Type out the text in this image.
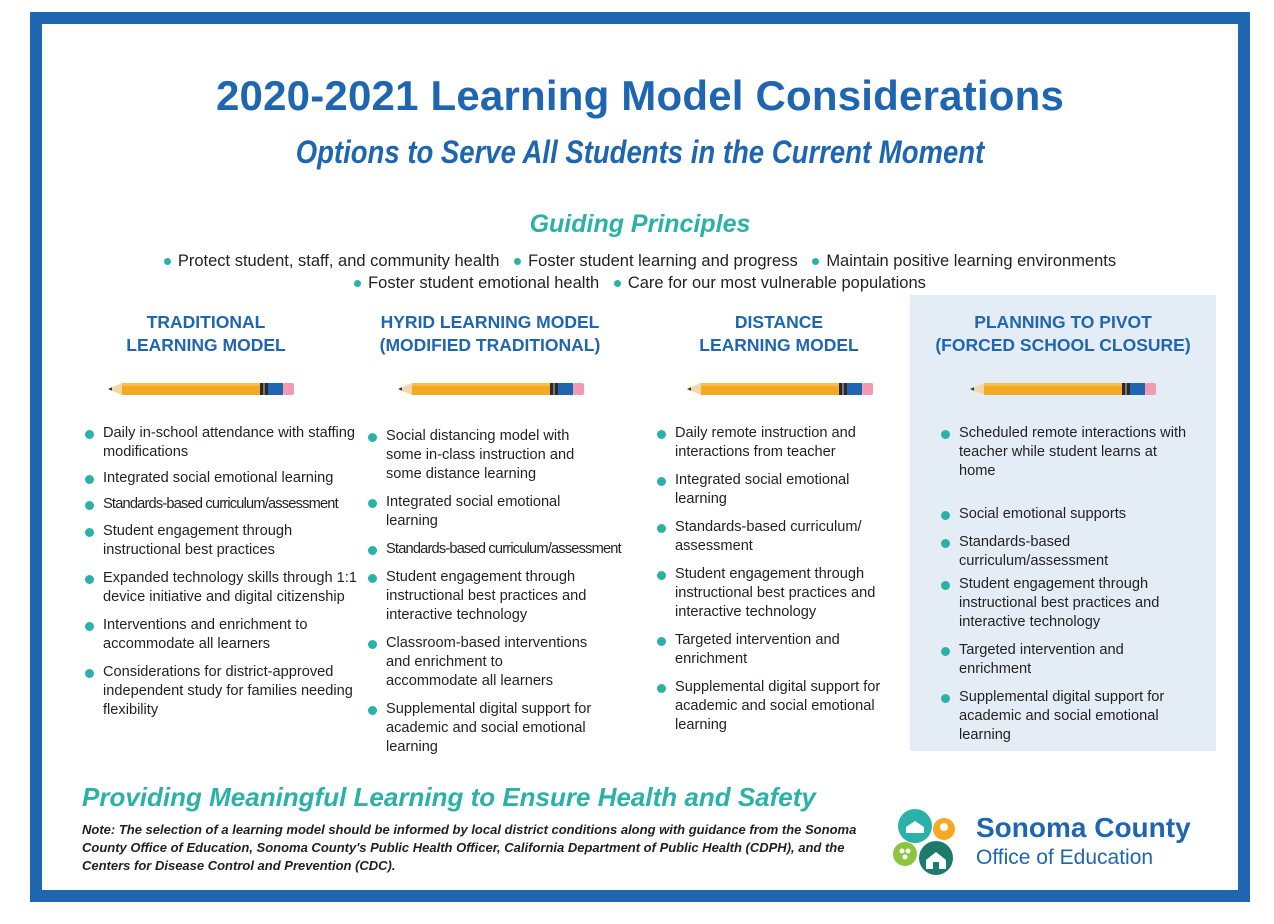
2020-2021 Learning Model Considerations
Options to Serve All Students in the Current Moment
Guiding Principles
Protect student, staff, and community health Foster student learning and progress Maintain positive learning environments
Foster student emotional health Care for our most vulnerable populations
TRADITIONAL
LEARNING MODEL
Daily in-school attendance with staffing modifications
Integrated social emotional learning
Standards-based curriculum/assessment
Student engagement through instructional best practices
Expanded technology skills through 1:1 device initiative and digital citizenship
Interventions and enrichment to accommodate all learners
Considerations for district-approved independent study for families needing flexibility
HYRID LEARNING MODEL
(MODIFIED TRADITIONAL)
Social distancing model with some in-class instruction and some distance learning
Integrated social emotional learning
Standards-based curriculum/assessment
Student engagement through instructional best practices and interactive technology
Classroom-based interventions and enrichment to accommodate all learners
Supplemental digital support for academic and social emotional learning
DISTANCE
LEARNING MODEL
Daily remote instruction and interactions from teacher
Integrated social emotional learning
Standards-based curriculum/ assessment
Student engagement through instructional best practices and interactive technology
Targeted intervention and enrichment
Supplemental digital support for academic and social emotional learning
PLANNING TO PIVOT
(FORCED SCHOOL CLOSURE)
Scheduled remote interactions with teacher while student learns at home
Social emotional supports
Standards-based curriculum/assessment
Student engagement through instructional best practices and interactive technology
Targeted intervention and enrichment
Supplemental digital support for academic and social emotional learning
Providing Meaningful Learning to Ensure Health and Safety
Note: The selection of a learning model should be informed by local district conditions along with guidance from the Sonoma County Office of Education, Sonoma County's Public Health Officer, California Department of Public Health (CDPH), and the Centers for Disease Control and Prevention (CDC).
Sonoma County
Office of Education
